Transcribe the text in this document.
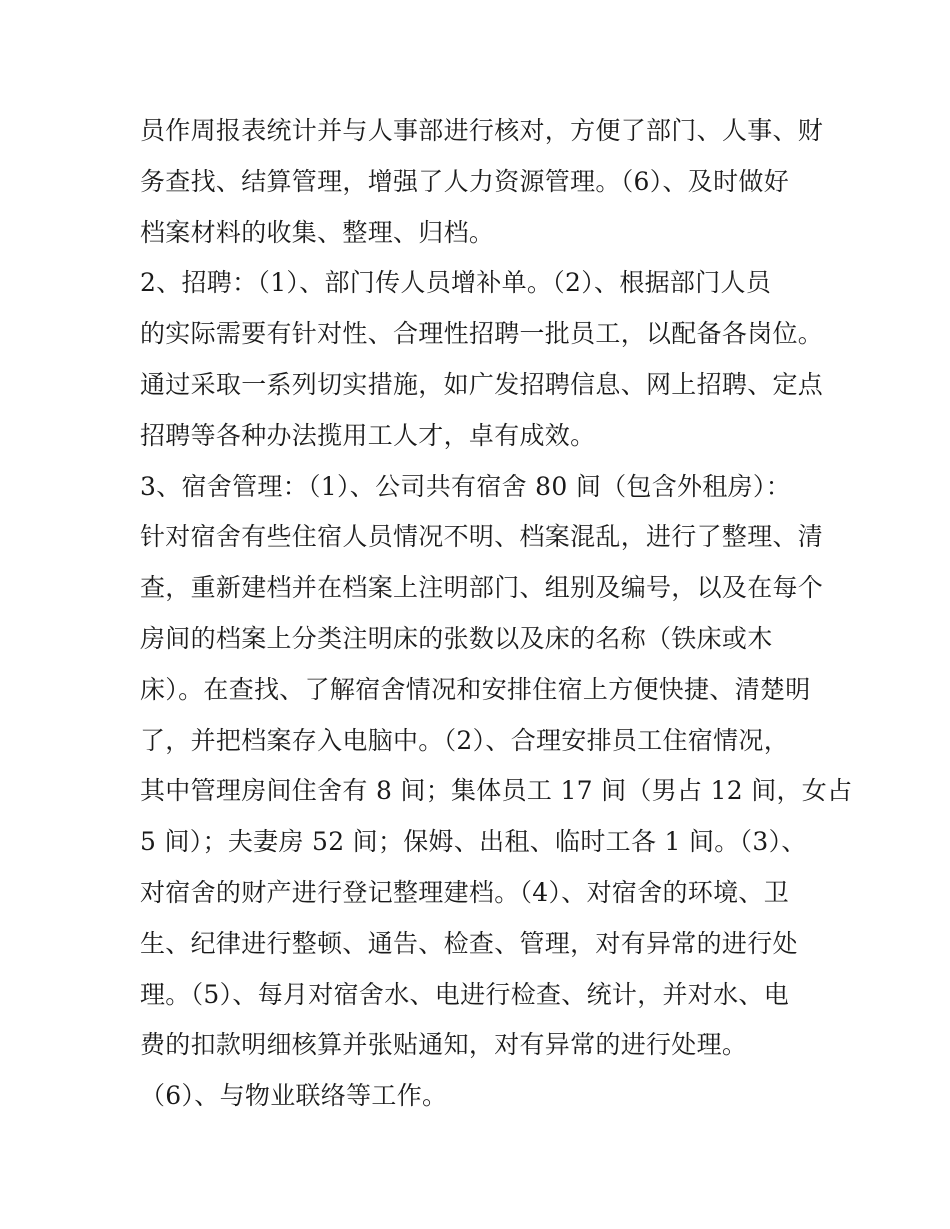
员作周报表统计并与人事部进行核对，方便了部门、人事、财
务查找、结算管理，增强了人力资源管理。（6）、及时做好
档案材料的收集、整理、归档。
2、招聘：（1）、部门传人员增补单。（2）、根据部门人员
的实际需要有针对性、合理性招聘一批员工，以配备各岗位。
通过采取一系列切实措施，如广发招聘信息、网上招聘、定点
招聘等各种办法揽用工人才，卓有成效。
3、宿舍管理：（1）、公司共有宿舍 80 间（包含外租房）：
针对宿舍有些住宿人员情况不明、档案混乱，进行了整理、清
查，重新建档并在档案上注明部门、组别及编号，以及在每个
房间的档案上分类注明床的张数以及床的名称（铁床或木
床）。在查找、了解宿舍情况和安排住宿上方便快捷、清楚明
了，并把档案存入电脑中。（2）、合理安排员工住宿情况，
其中管理房间住舍有 8 间；集体员工 17 间（男占 12 间，女占
5 间）；夫妻房 52 间；保姆、出租、临时工各 1 间。（3）、
对宿舍的财产进行登记整理建档。（4）、对宿舍的环境、卫
生、纪律进行整顿、通告、检查、管理，对有异常的进行处
理。（5）、每月对宿舍水、电进行检查、统计，并对水、电
费的扣款明细核算并张贴通知，对有异常的进行处理。
（6）、与物业联络等工作。
